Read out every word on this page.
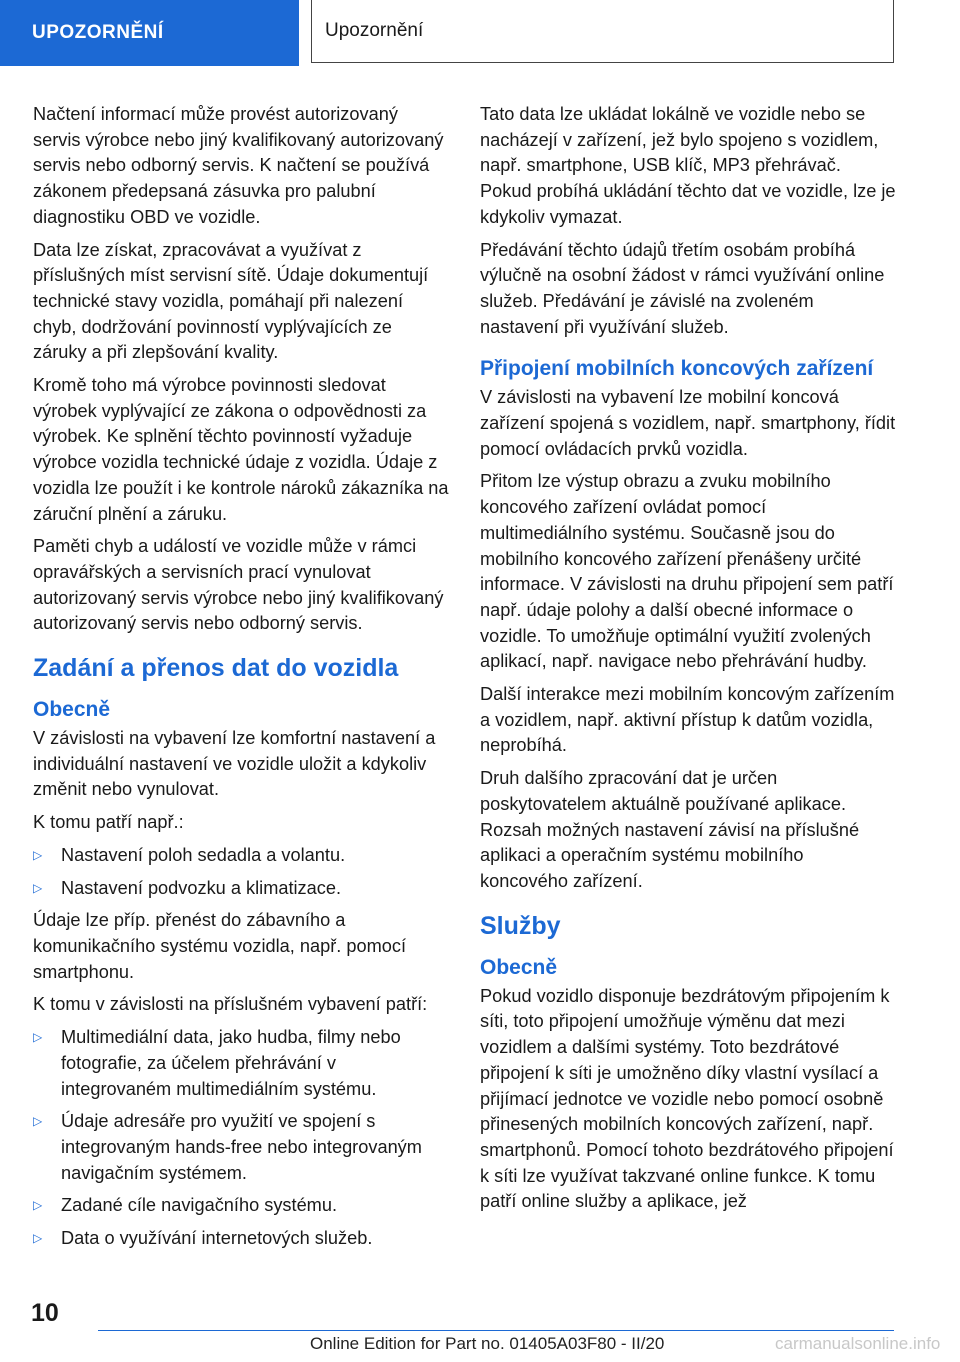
UPOZORNĚNÍ	Upozornění

Načtení informací může provést autorizovaný servis výrobce nebo jiný kvalifikovaný autorizovaný servis nebo odborný servis. K načtení se používá zákonem předepsaná zásuvka pro palubní diagnostiku OBD ve vozidle.

Data lze získat, zpracovávat a využívat z příslušných míst servisní sítě. Údaje dokumentují technické stavy vozidla, pomáhají při nalezení chyb, dodržování povinností vyplývajících ze záruky a při zlepšování kvality.

Kromě toho má výrobce povinnosti sledovat výrobek vyplývající ze zákona o odpovědnosti za výrobek. Ke splnění těchto povinností vyžaduje výrobce vozidla technické údaje z vozidla. Údaje z vozidla lze použít i ke kontrole nároků zákazníka na záruční plnění a záruku.

Paměti chyb a událostí ve vozidle může v rámci opravářských a servisních prací vynulovat autorizovaný servis výrobce nebo jiný kvalifikovaný autorizovaný servis nebo odborný servis.

Zadání a přenos dat do vozidla
Obecně

V závislosti na vybavení lze komfortní nastavení a individuální nastavení ve vozidle uložit a kdykoliv změnit nebo vynulovat.

K tomu patří např.:

▷ Nastavení poloh sedadla a volantu.
▷ Nastavení podvozku a klimatizace.

Údaje lze příp. přenést do zábavního a komunikačního systému vozidla, např. pomocí smartphonu.

K tomu v závislosti na příslušném vybavení patří:

▷ Multimediální data, jako hudba, filmy nebo fotografie, za účelem přehrávání v integrovaném multimediálním systému.
▷ Údaje adresáře pro využití ve spojení s integrovaným hands-free nebo integrovaným navigačním systémem.
▷ Zadané cíle navigačního systému.
▷ Data o využívání internetových služeb.

Tato data lze ukládat lokálně ve vozidle nebo se nacházejí v zařízení, jež bylo spojeno s vozidlem, např. smartphone, USB klíč, MP3 přehrávač. Pokud probíhá ukládání těchto dat ve vozidle, lze je kdykoliv vymazat.

Předávání těchto údajů třetím osobám probíhá výlučně na osobní žádost v rámci využívání online služeb. Předávání je závislé na zvoleném nastavení při využívání služeb.

Připojení mobilních koncových zařízení

V závislosti na vybavení lze mobilní koncová zařízení spojená s vozidlem, např. smartphony, řídit pomocí ovládacích prvků vozidla.

Přitom lze výstup obrazu a zvuku mobilního koncového zařízení ovládat pomocí multimediálního systému. Současně jsou do mobilního koncového zařízení přenášeny určité informace. V závislosti na druhu připojení sem patří např. údaje polohy a další obecné informace o vozidle. To umožňuje optimální využití zvolených aplikací, např. navigace nebo přehrávání hudby.

Další interakce mezi mobilním koncovým zařízením a vozidlem, např. aktivní přístup k datům vozidla, neprobíhá.

Druh dalšího zpracování dat je určen poskytovatelem aktuálně používané aplikace. Rozsah možných nastavení závisí na příslušné aplikaci a operačním systému mobilního koncového zařízení.

Služby
Obecně

Pokud vozidlo disponuje bezdrátovým připojením k síti, toto připojení umožňuje výměnu dat mezi vozidlem a dalšími systémy. Toto bezdrátové připojení k síti je umožněno díky vlastní vysílací a přijímací jednotce ve vozidle nebo pomocí osobně přinesených mobilních koncových zařízení, např. smartphonů. Pomocí tohoto bezdrátového připojení k síti lze využívat takzvané online funkce. K tomu patří online služby a aplikace, jež

10
Online Edition for Part no. 01405A03F80 - II/20	carmanualsonline.info
